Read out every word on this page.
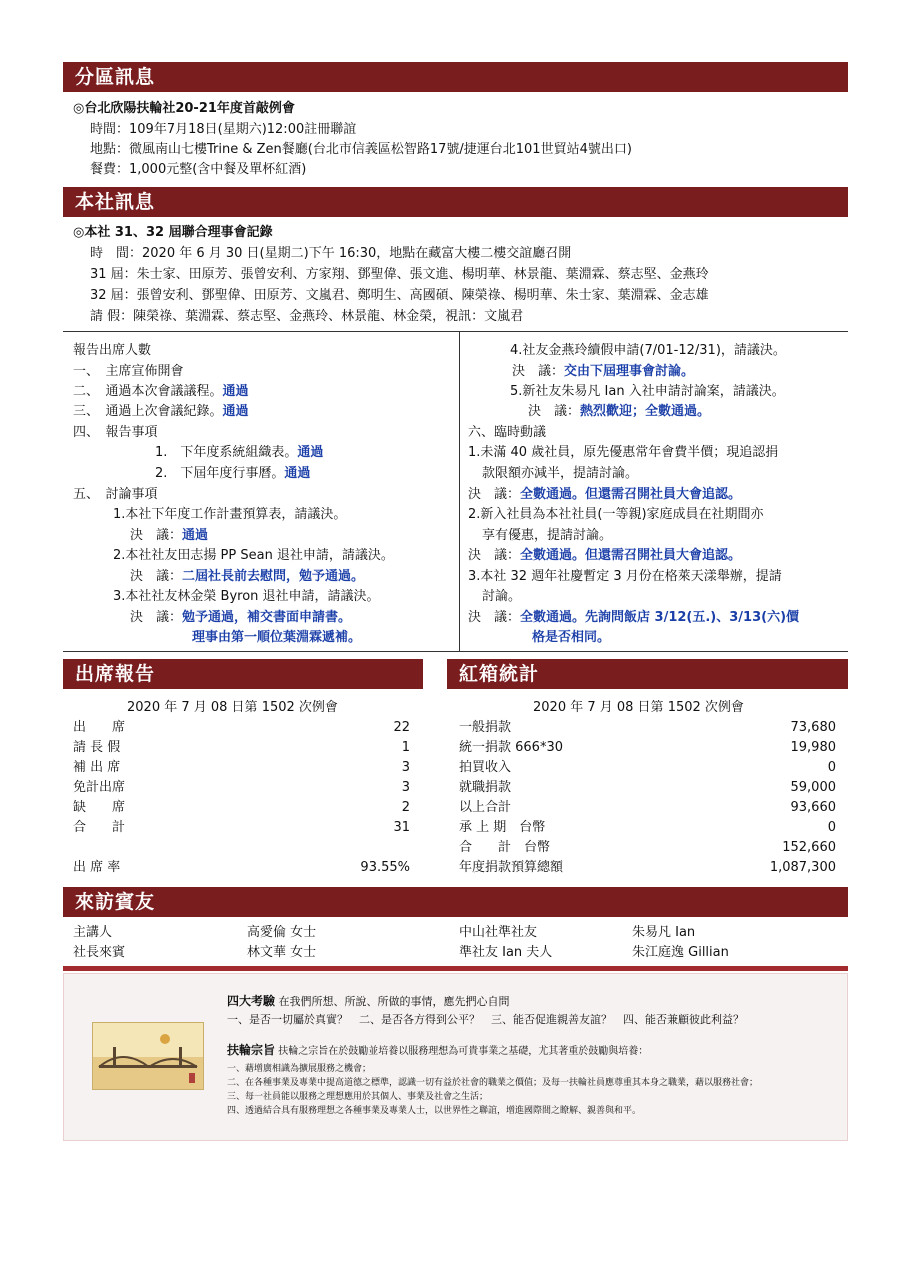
分區訊息
◎台北欣陽扶輪社20-21年度首敲例會
時間：109年7月18日(星期六)12:00註冊聯誼
地點：微風南山七樓Trine & Zen餐廳(台北市信義區松智路17號/捷運台北101世貿站4號出口)
餐費：1,000元整(含中餐及單杯紅酒)
本社訊息
◎本社 31、32 屆聯合理事會記錄
時　間：2020 年 6 月 30 日(星期二)下午 16:30，地點在藏富大樓二樓交誼廳召開
31 屆：朱士家、田原芳、張曾安利、方家翔、鄧聖偉、張文進、楊明華、林景龍、葉淵霖、蔡志堅、金燕玲
32 屆：張曾安利、鄧聖偉、田原芳、文嵐君、鄭明生、高國碩、陳榮祿、楊明華、朱士家、葉淵霖、金志雄
請 假：陳榮祿、葉淵霖、蔡志堅、金燕玲、林景龍、林金榮，視訊：文嵐君
報告出席人數
一、　主席宣佈開會
二、　通過本次會議議程。通過
三、　通過上次會議紀錄。通過
四、　報告事項
1.　下年度系統組織表。通過
2.　下屆年度行事曆。通過
五、　討論事項
1.本社下年度工作計畫預算表，請議決。
決　議：通過
2.本社社友田志揚 PP Sean 退社申請，請議決。
決　議：二屆社長前去慰問，勉予通過。
3.本社社友林金榮 Byron 退社申請，請議決。
決　議：勉予通過，補交書面申請書。
理事由第一順位葉淵霖遞補。
4.社友金燕玲續假申請(7/01-12/31)，請議決。
決　議：交由下屆理事會討論。
5.新社友朱易凡 Ian 入社申請討論案，請議決。
決　議：熱烈歡迎；全數通過。
六、臨時動議
1.未滿 40 歲社員，原先優惠常年會費半價；現追認捐
款限額亦減半，提請討論。
決　議：全數通過。但還需召開社員大會追認。
2.新入社員為本社社員(一等親)家庭成員在社期間亦
享有優惠，提請討論。
決　議：全數通過。但還需召開社員大會追認。
3.本社 32 週年社慶暫定 3 月份在格萊天漾舉辦，提請
討論。
決　議：全數通過。先詢問飯店 3/12(五.)、3/13(六)價
格是否相同。
出席報告
2020 年 7 月 08 日第 1502 次例會
出　　席	22
請 長 假	1
補 出 席	3
免計出席	3
缺　　席	2
合　　計	31
出 席 率	93.55%
紅箱統計
2020 年 7 月 08 日第 1502 次例會
一般捐款	73,680
統一捐款 666*30	19,980
拍買收入	0
就職捐款	59,000
以上合計	93,660
承 上 期　台幣	0
合　　計　台幣	152,660
年度捐款預算總額	1,087,300
來訪賓友
主講人	高愛倫 女士	中山社準社友	朱易凡 Ian
社長來賓	林文華 女士	準社友 Ian 夫人	朱江庭逸 Gillian
四大考驗 在我們所想、所說、所做的事情，應先捫心自問
一、是否一切屬於真實？　二、是否各方得到公平？　三、能否促進親善友誼？　四、能否兼顧彼此利益？
扶輪宗旨 扶輪之宗旨在於鼓勵並培養以服務理想為可貴事業之基礎，尤其著重於鼓勵與培養：
一、藉增廣相識為擴展服務之機會；
二、在各種事業及專業中提高道德之標準，認識一切有益於社會的職業之價值；及每一扶輪社員應尊重其本身之職業，藉以服務社會；
三、每一社員能以服務之理想應用於其個人、事業及社會之生活；
四、透過結合具有服務理想之各種事業及專業人士，以世界性之聯誼，增進國際間之瞭解、親善與和平。
